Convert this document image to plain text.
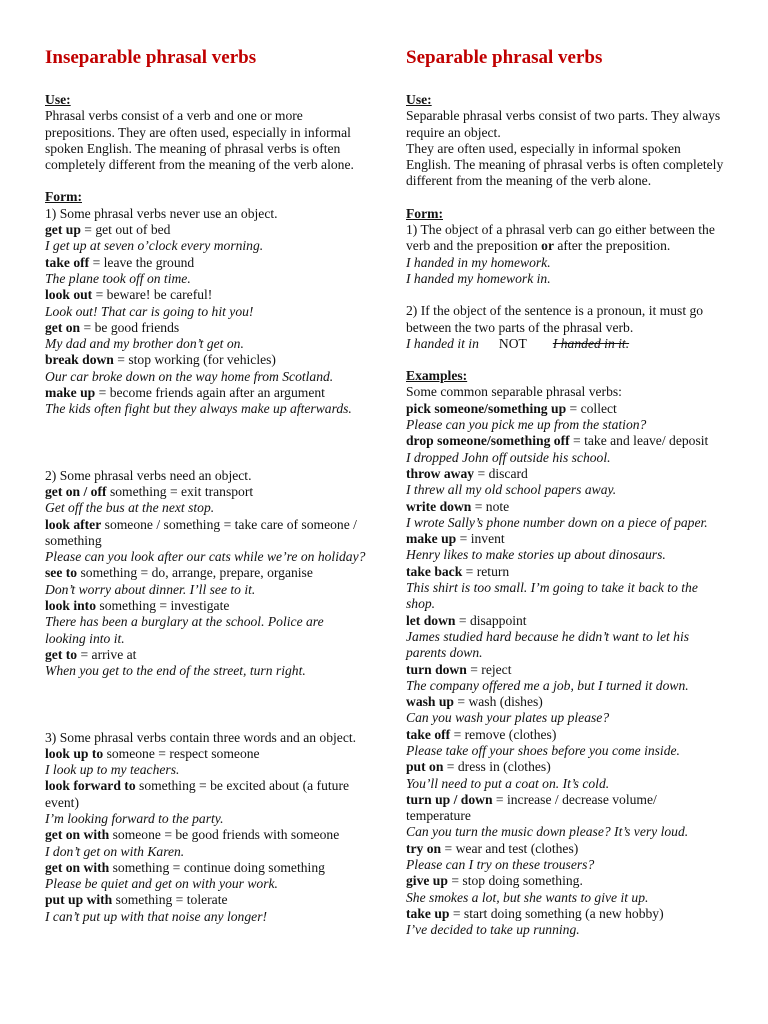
Inseparable phrasal verbs
Use:
Phrasal verbs consist of a verb and one or more prepositions. They are often used, especially in informal spoken English. The meaning of phrasal verbs is often completely different from the meaning of the verb alone.
Form:
1) Some phrasal verbs never use an object.
get up = get out of bed
I get up at seven o’clock every morning.
take off = leave the ground
The plane took off on time.
look out = beware! be careful!
Look out! That car is going to hit you!
get on = be good friends
My dad and my brother don’t get on.
break down = stop working (for vehicles)
Our car broke down on the way home from Scotland.
make up = become friends again after an argument
The kids often fight but they always make up afterwards.
2) Some phrasal verbs need an object.
get on / off something = exit transport
Get off the bus at the next stop.
look after someone / something = take care of someone / something
Please can you look after our cats while we’re on holiday?
see to something = do, arrange, prepare, organise
Don’t worry about dinner. I’ll see to it.
look into something = investigate
There has been a burglary at the school. Police are looking into it.
get to = arrive at
When you get to the end of the street, turn right.
3) Some phrasal verbs contain three words and an object.
look up to someone = respect someone
I look up to my teachers.
look forward to something = be excited about (a future event)
I’m looking forward to the party.
get on with someone = be good friends with someone
I don’t get on with Karen.
get on with something = continue doing something
Please be quiet and get on with your work.
put up with something = tolerate
I can’t put up with that noise any longer!
Separable phrasal verbs
Use:
Separable phrasal verbs consist of two parts. They always require an object.
They are often used, especially in informal spoken English. The meaning of phrasal verbs is often completely different from the meaning of the verb alone.
Form:
1) The object of a phrasal verb can go either between the verb and the preposition or after the preposition.
I handed in my homework.
I handed my homework in.
2) If the object of the sentence is a pronoun, it must go between the two parts of the phrasal verb.
I handed it in NOT I handed in it.
Examples:
Some common separable phrasal verbs:
pick someone/something up = collect
Please can you pick me up from the station?
drop someone/something off = take and leave/ deposit
I dropped John off outside his school.
throw away = discard
I threw all my old school papers away.
write down = note
I wrote Sally’s phone number down on a piece of paper.
make up = invent
Henry likes to make stories up about dinosaurs.
take back = return
This shirt is too small. I’m going to take it back to the shop.
let down = disappoint
James studied hard because he didn’t want to let his parents down.
turn down = reject
The company offered me a job, but I turned it down.
wash up = wash (dishes)
Can you wash your plates up please?
take off = remove (clothes)
Please take off your shoes before you come inside.
put on = dress in (clothes)
You’ll need to put a coat on. It’s cold.
turn up / down = increase / decrease volume/ temperature
Can you turn the music down please? It’s very loud.
try on = wear and test (clothes)
Please can I try on these trousers?
give up = stop doing something.
She smokes a lot, but she wants to give it up.
take up = start doing something (a new hobby)
I’ve decided to take up running.
